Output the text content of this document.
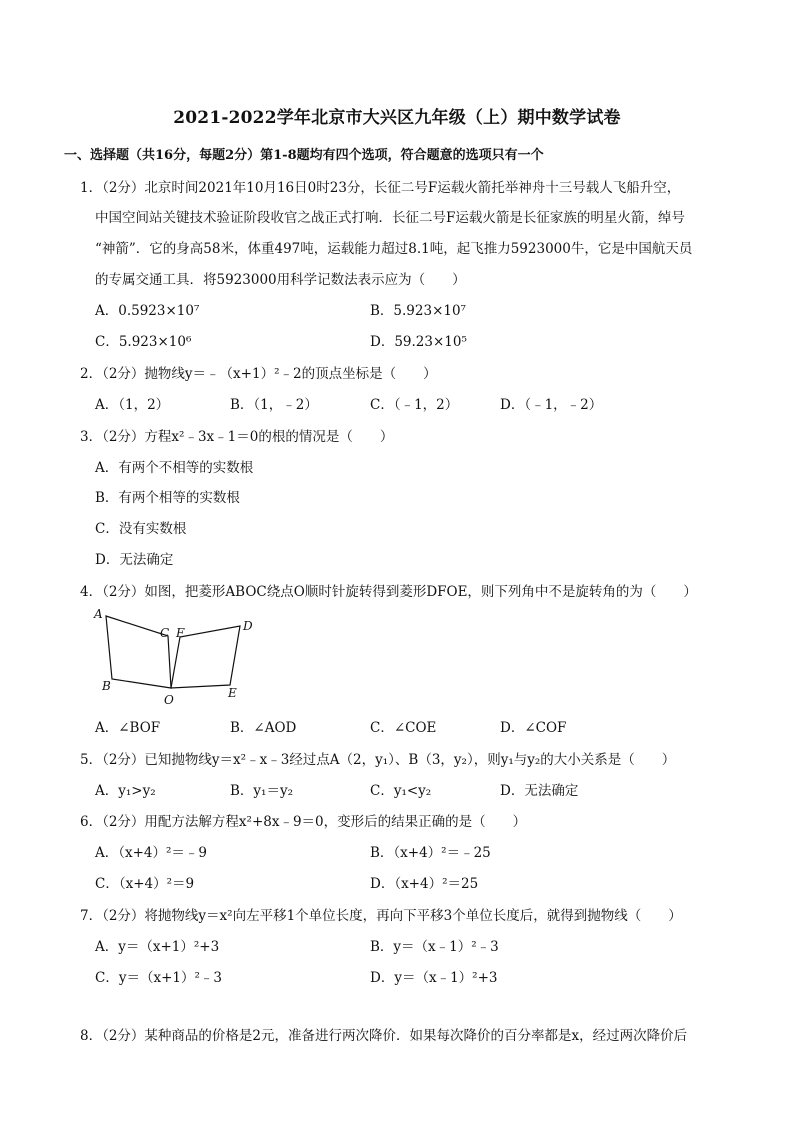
2021-2022学年北京市大兴区九年级（上）期中数学试卷
一、选择题（共16分，每题2分）第1-8题均有四个选项，符合题意的选项只有一个
1．（2分）北京时间2021年10月16日0时23分，长征二号F运载火箭托举神舟十三号载人飞船升空，
中国空间站关键技术验证阶段收官之战正式打响．长征二号F运载火箭是长征家族的明星火箭，绰号
“神箭”．它的身高58米，体重497吨，运载能力超过8.1吨，起飞推力5923000牛，它是中国航天员
的专属交通工具．将5923000用科学记数法表示应为（　　）
A．0.5923×10⁷	B．5.923×10⁷
C．5.923×10⁶	D．59.23×10⁵
2．（2分）抛物线y＝﹣（x+1）²﹣2的顶点坐标是（　　）
A．（1，2）	B．（1，﹣2）	C．（﹣1，2）	D．（﹣1，﹣2）
3．（2分）方程x²﹣3x﹣1＝0的根的情况是（　　）
A．有两个不相等的实数根
B．有两个相等的实数根
C．没有实数根
D．无法确定
4．（2分）如图，把菱形ABOC绕点O顺时针旋转得到菱形DFOE，则下列角中不是旋转角的为（　　）
A
C F	D
B
O	E
A．∠BOF	B．∠AOD	C．∠COE	D．∠COF
5．（2分）已知抛物线y＝x²﹣x﹣3经过点A（2，y₁）、B（3，y₂），则y₁与y₂的大小关系是（　　）
A．y₁>y₂	B．y₁＝y₂	C．y₁<y₂	D．无法确定
6．（2分）用配方法解方程x²+8x﹣9＝0，变形后的结果正确的是（　　）
A．（x+4）²＝﹣9	B．（x+4）²＝﹣25
C．（x+4）²＝9	D．（x+4）²＝25
7．（2分）将抛物线y＝x²向左平移1个单位长度，再向下平移3个单位长度后，就得到抛物线（　　）
A．y＝（x+1）²+3	B．y＝（x﹣1）²﹣3
C．y＝（x+1）²﹣3	D．y＝（x﹣1）²+3
8．（2分）某种商品的价格是2元，准备进行两次降价．如果每次降价的百分率都是x，经过两次降价后
